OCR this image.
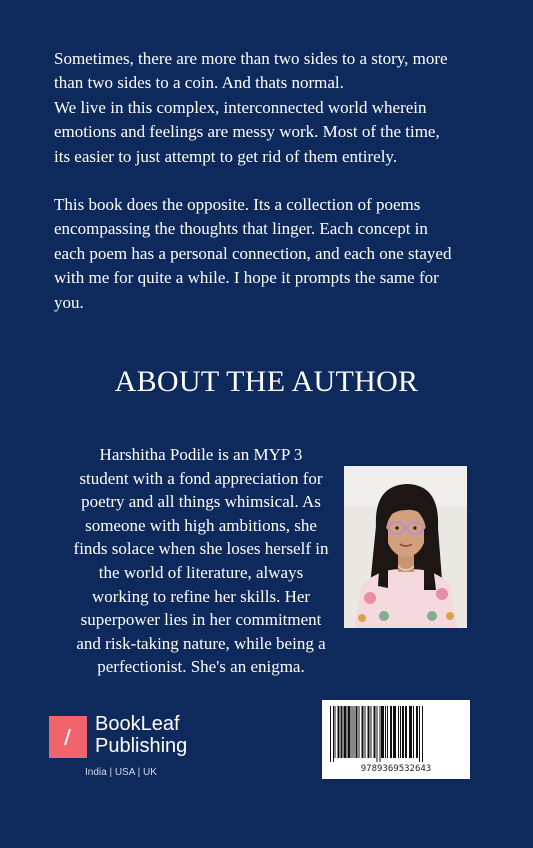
Sometimes, there are more than two sides to a story, more
than two sides to a coin. And thats normal.
We live in this complex, interconnected world wherein
emotions and feelings are messy work. Most of the time,
its easier to just attempt to get rid of them entirely.

This book does the opposite. Its a collection of poems
encompassing the thoughts that linger. Each concept in
each poem has a personal connection, and each one stayed
with me for quite a while. I hope it prompts the same for
you.

ABOUT THE AUTHOR
Harshitha Podile is an MYP 3
student with a fond appreciation for
poetry and all things whimsical. As
someone with high ambitions, she
finds solace when she loses herself in
the world of literature, always
working to refine her skills. Her
superpower lies in her commitment
and risk-taking nature, while being a
perfectionist. She's an enigma.
BookLeaf
Publishing
India | USA | UK	9789369532643
